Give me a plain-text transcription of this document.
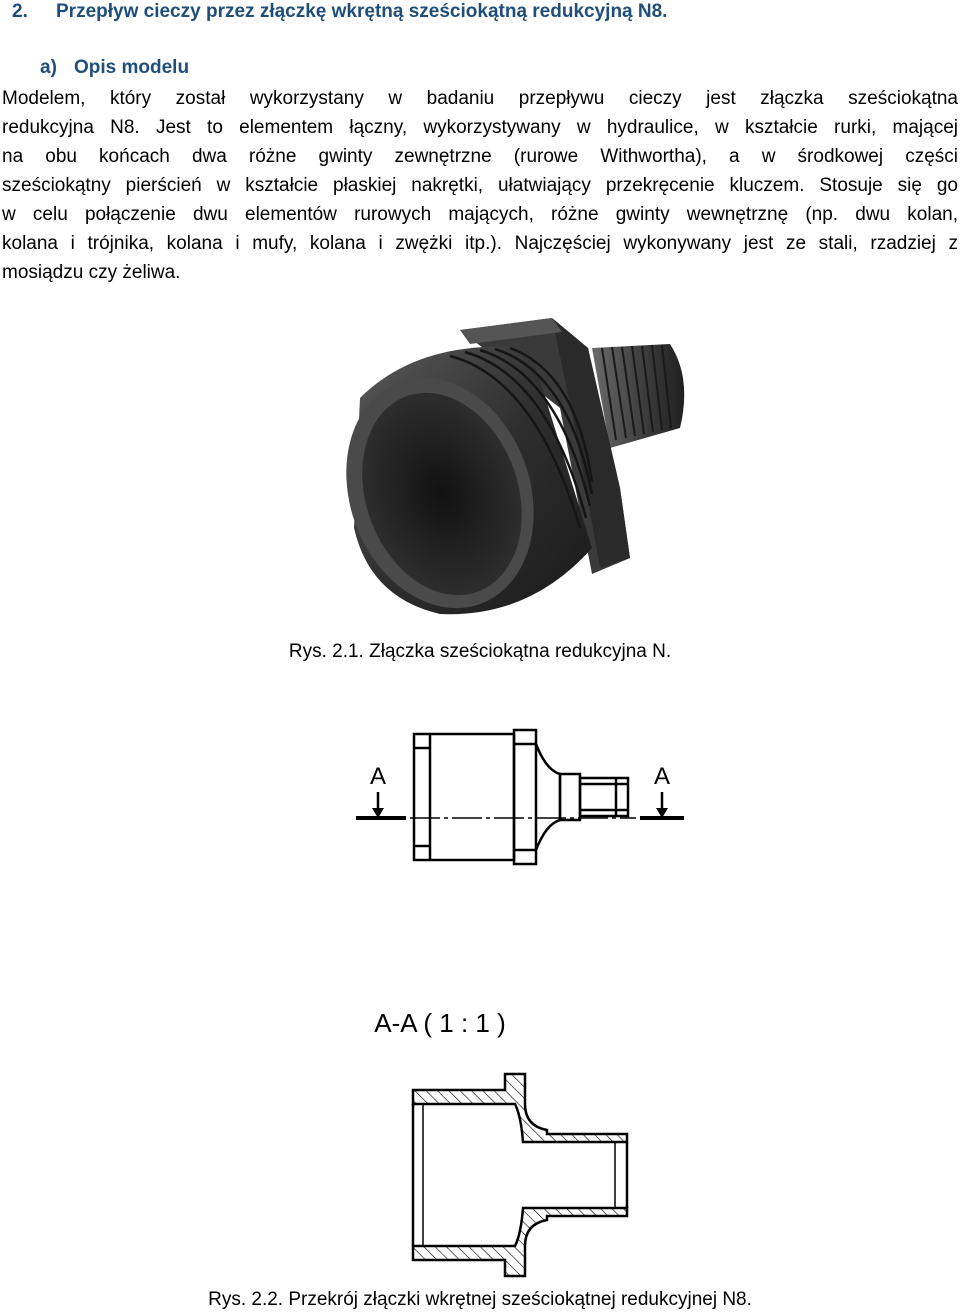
2. Przepływ cieczy przez złączkę wkrętną sześciokątną redukcyjną N8.
a) Opis modelu
Modelem, który został wykorzystany w badaniu przepływu cieczy jest złączka sześciokątna
redukcyjna N8. Jest to elementem łączny, wykorzystywany w hydraulice, w kształcie rurki, mającej
na obu końcach dwa różne gwinty zewnętrzne (rurowe Withwortha), a w środkowej części
sześciokątny pierścień w kształcie płaskiej nakrętki, ułatwiający przekręcenie kluczem. Stosuje się go
w celu połączenie dwu elementów rurowych mających, różne gwinty wewnętrznę (np. dwu kolan,
kolana i trójnika, kolana i mufy, kolana i zwężki itp.). Najczęściej wykonywany jest ze stali, rzadziej z
mosiądzu czy żeliwa.
Rys. 2.1. Złączka sześciokątna redukcyjna N.
A	A
A-A ( 1 : 1 )
Rys. 2.2. Przekrój złączki wkrętnej sześciokątnej redukcyjnej N8.
